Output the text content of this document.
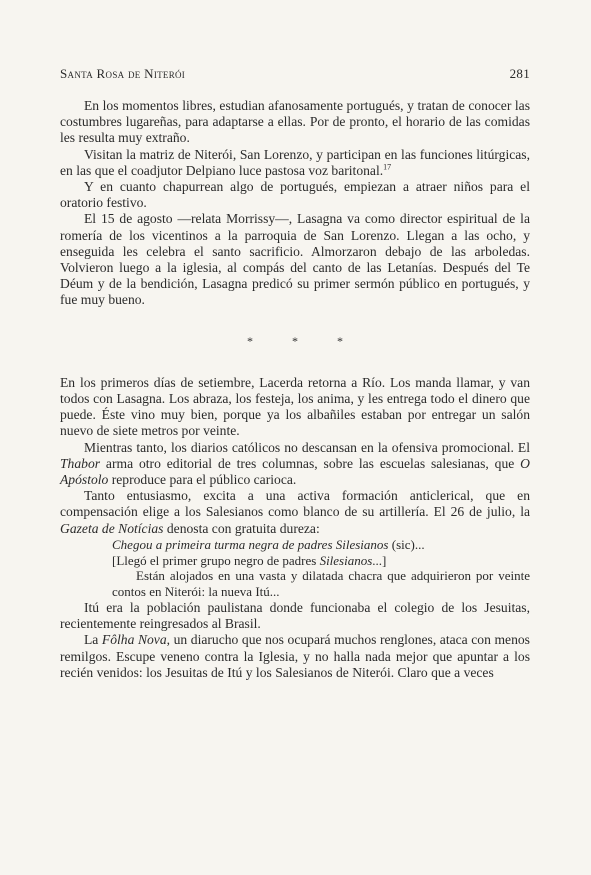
Santa Rosa de Niterói	281

En los momentos libres, estudian afanosamente portugués, y tratan de conocer las costumbres lugareñas, para adaptarse a ellas. Por de pronto, el horario de las comidas les resulta muy extraño.

Visitan la matriz de Niterói, San Lorenzo, y participan en las funciones litúrgicas, en las que el coadjutor Delpiano luce pastosa voz baritonal.$^{17}$

Y en cuanto chapurrean algo de portugués, empiezan a atraer niños para el oratorio festivo.

El 15 de agosto —relata Morrissy—, Lasagna va como director espiritual de la romería de los vicentinos a la parroquia de San Lorenzo. Llegan a las ocho, y enseguida les celebra el santo sacrificio. Almorzaron debajo de las arboledas. Volvieron luego a la iglesia, al compás del canto de las Letanías. Después del Te Déum y de la bendición, Lasagna predicó su primer sermón público en portugués, y fue muy bueno.

*	*	*

En los primeros días de setiembre, Lacerda retorna a Río. Los manda llamar, y van todos con Lasagna. Los abraza, los festeja, los anima, y les entrega todo el dinero que puede. Éste vino muy bien, porque ya los albañiles estaban por entregar un salón nuevo de siete metros por veinte.

Mientras tanto, los diarios católicos no descansan en la ofensiva promocional. El Thabor arma otro editorial de tres columnas, sobre las escuelas salesianas, que O Apóstolo reproduce para el público carioca.

Tanto entusiasmo, excita a una activa formación anticlerical, que en compensación elige a los Salesianos como blanco de su artillería. El 26 de julio, la Gazeta de Notícias denosta con gratuita dureza:

Chegou a primeira turma negra de padres Silesianos (sic)...
[Llegó el primer grupo negro de padres Silesianos...]
Están alojados en una vasta y dilatada chacra que adquirieron por veinte contos en Niterói: la nueva Itú...

Itú era la población paulistana donde funcionaba el colegio de los Jesuitas, recientemente reingresados al Brasil.

La Fôlha Nova, un diarucho que nos ocupará muchos renglones, ataca con menos remilgos. Escupe veneno contra la Iglesia, y no halla nada mejor que apuntar a los recién venidos: los Jesuitas de Itú y los Salesianos de Niterói. Claro que a veces
